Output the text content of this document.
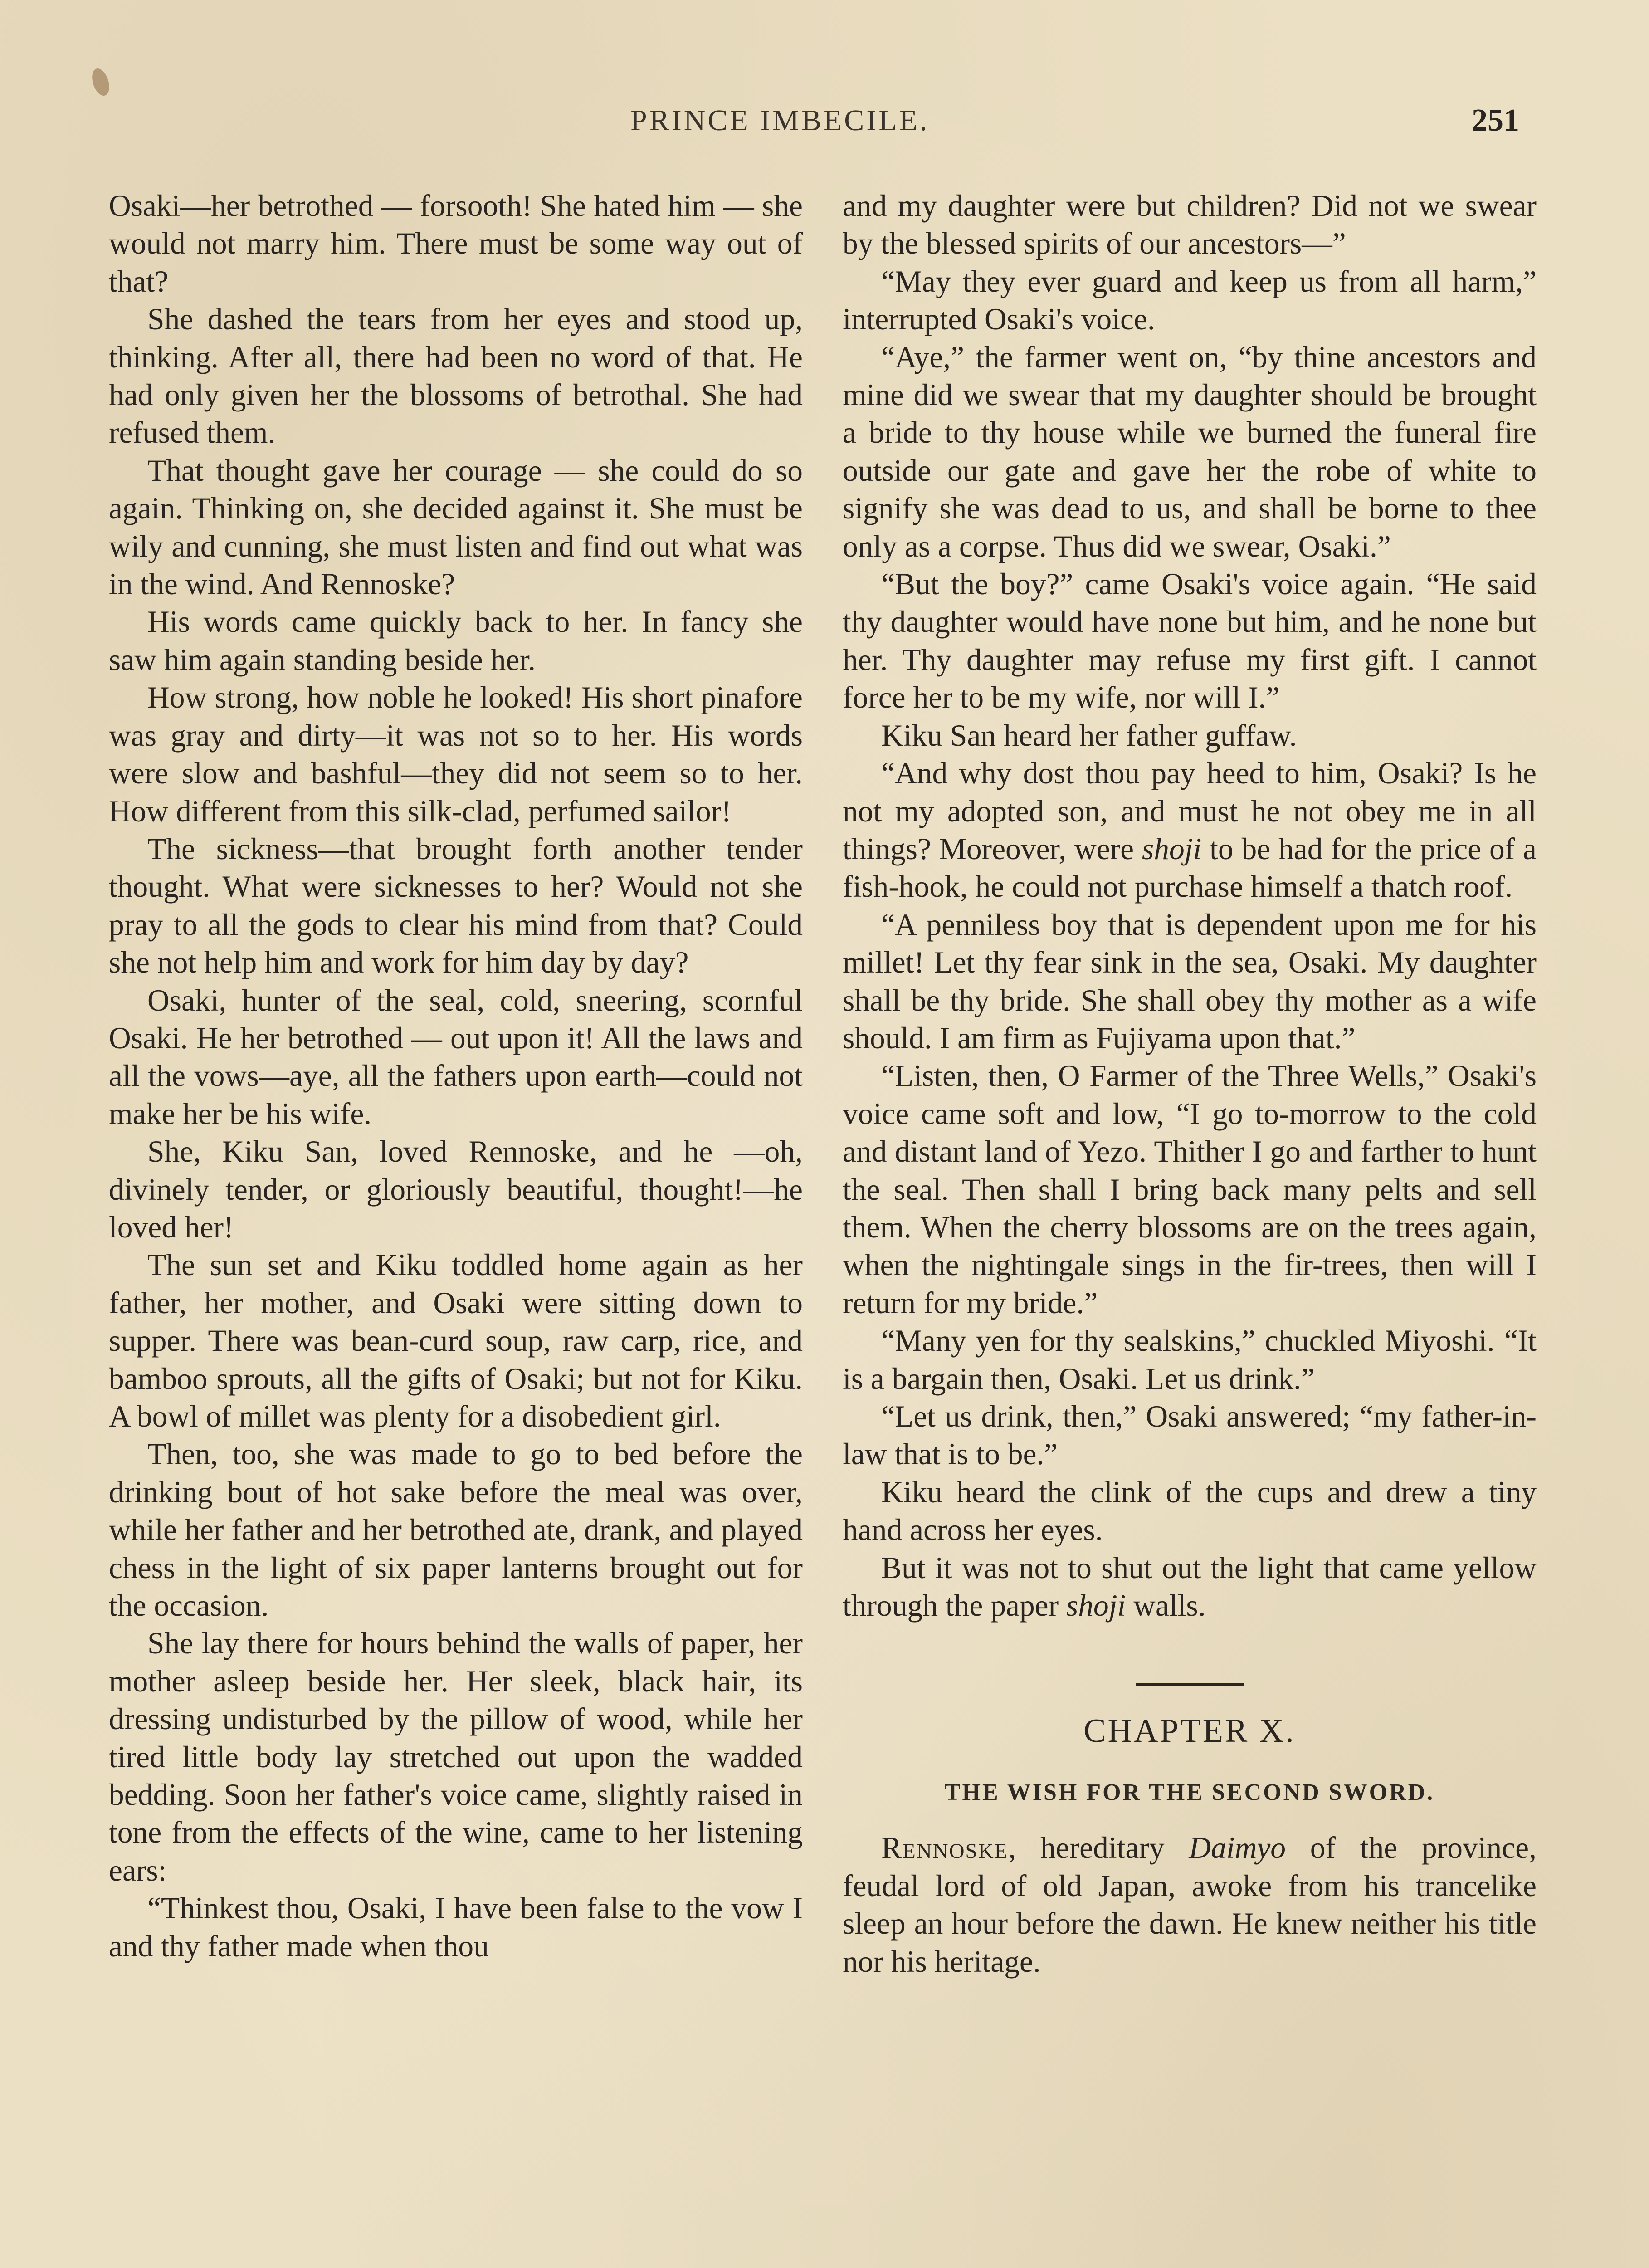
PRINCE IMBECILE.	251

Osaki—her betrothed — forsooth! She hated him — she would not marry him. There must be some way out of that?

She dashed the tears from her eyes and stood up, thinking. After all, there had been no word of that. He had only given her the blossoms of betrothal. She had refused them.

That thought gave her courage — she could do so again. Thinking on, she decided against it. She must be wily and cunning, she must listen and find out what was in the wind. And Rennoske?

His words came quickly back to her. In fancy she saw him again standing beside her.

How strong, how noble he looked! His short pinafore was gray and dirty—it was not so to her. His words were slow and bashful—they did not seem so to her. How different from this silk-clad, perfumed sailor!

The sickness—that brought forth another tender thought. What were sicknesses to her? Would not she pray to all the gods to clear his mind from that? Could she not help him and work for him day by day?

Osaki, hunter of the seal, cold, sneering, scornful Osaki. He her betrothed — out upon it! All the laws and all the vows—aye, all the fathers upon earth—could not make her be his wife.

She, Kiku San, loved Rennoske, and he —oh, divinely tender, or gloriously beautiful, thought!—he loved her!

The sun set and Kiku toddled home again as her father, her mother, and Osaki were sitting down to supper. There was bean-curd soup, raw carp, rice, and bamboo sprouts, all the gifts of Osaki; but not for Kiku. A bowl of millet was plenty for a disobedient girl.

Then, too, she was made to go to bed before the drinking bout of hot sake before the meal was over, while her father and her betrothed ate, drank, and played chess in the light of six paper lanterns brought out for the occasion.

She lay there for hours behind the walls of paper, her mother asleep beside her. Her sleek, black hair, its dressing undisturbed by the pillow of wood, while her tired little body lay stretched out upon the wadded bedding. Soon her father's voice came, slightly raised in tone from the effects of the wine, came to her listening ears:

“Thinkest thou, Osaki, I have been false to the vow I and thy father made when thou

and my daughter were but children? Did not we swear by the blessed spirits of our ancestors—”

“May they ever guard and keep us from all harm,” interrupted Osaki's voice.

“Aye,” the farmer went on, “by thine ancestors and mine did we swear that my daughter should be brought a bride to thy house while we burned the funeral fire outside our gate and gave her the robe of white to signify she was dead to us, and shall be borne to thee only as a corpse. Thus did we swear, Osaki.”

“But the boy?” came Osaki's voice again. “He said thy daughter would have none but him, and he none but her. Thy daughter may refuse my first gift. I cannot force her to be my wife, nor will I.”

Kiku San heard her father guffaw.

“And why dost thou pay heed to him, Osaki? Is he not my adopted son, and must he not obey me in all things? Moreover, were shoji to be had for the price of a fish-hook, he could not purchase himself a thatch roof.

“A penniless boy that is dependent upon me for his millet! Let thy fear sink in the sea, Osaki. My daughter shall be thy bride. She shall obey thy mother as a wife should. I am firm as Fujiyama upon that.”

“Listen, then, O Farmer of the Three Wells,” Osaki's voice came soft and low, “I go to-morrow to the cold and distant land of Yezo. Thither I go and farther to hunt the seal. Then shall I bring back many pelts and sell them. When the cherry blossoms are on the trees again, when the nightingale sings in the fir-trees, then will I return for my bride.”

“Many yen for thy sealskins,” chuckled Miyoshi. “It is a bargain then, Osaki. Let us drink.”

“Let us drink, then,” Osaki answered; “my father-in-law that is to be.”

Kiku heard the clink of the cups and drew a tiny hand across her eyes.

But it was not to shut out the light that came yellow through the paper shoji walls.

CHAPTER X.
THE WISH FOR THE SECOND SWORD.

Rennoske, hereditary Daimyo of the province, feudal lord of old Japan, awoke from his trancelike sleep an hour before the dawn. He knew neither his title nor his heritage.
